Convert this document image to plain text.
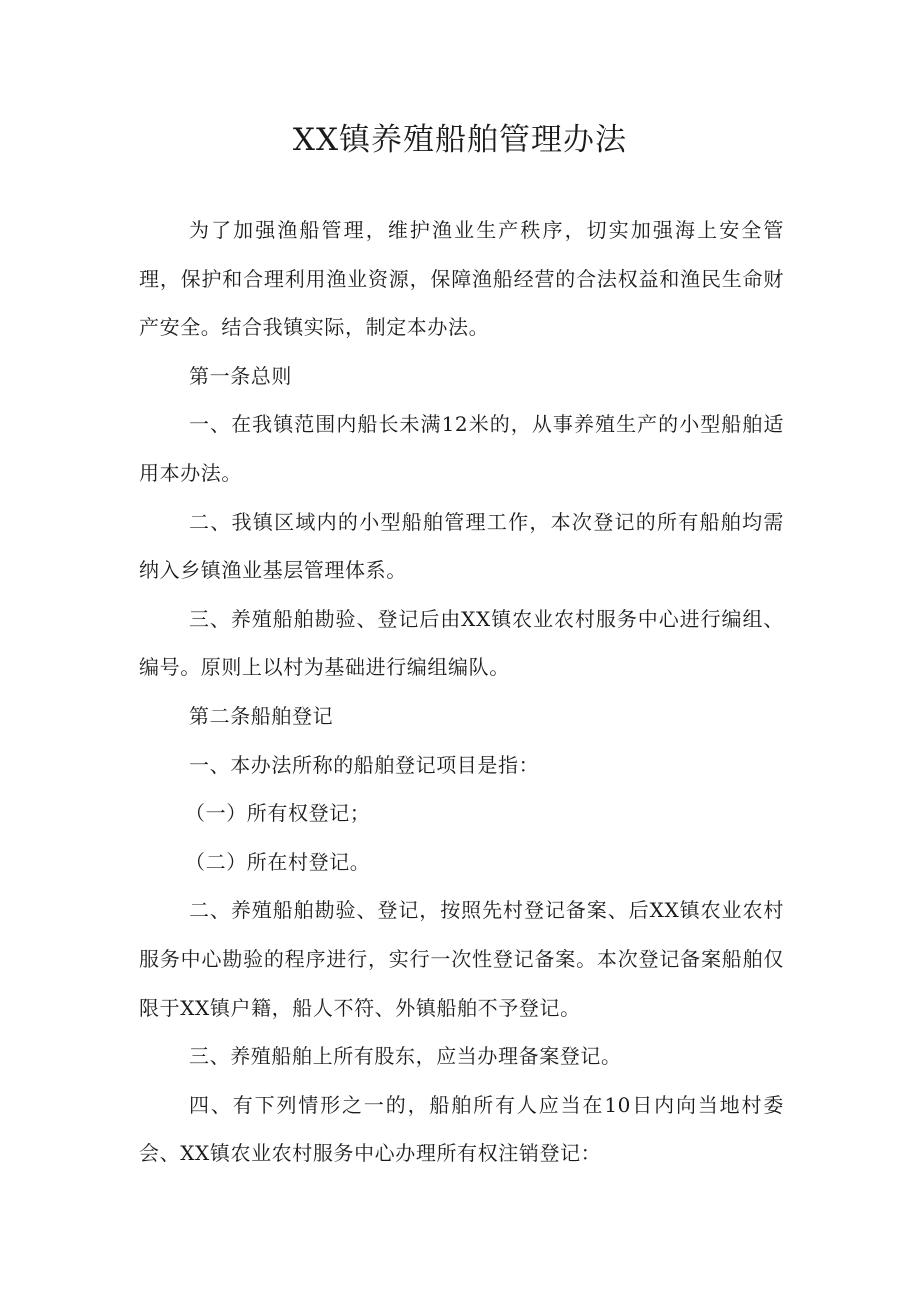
XX镇养殖船舶管理办法

为了加强渔船管理，维护渔业生产秩序，切实加强海上安全管理，保护和合理利用渔业资源，保障渔船经营的合法权益和渔民生命财产安全。结合我镇实际，制定本办法。

第一条总则

一、在我镇范围内船长未满12米的，从事养殖生产的小型船舶适用本办法。

二、我镇区域内的小型船舶管理工作，本次登记的所有船舶均需纳入乡镇渔业基层管理体系。

三、养殖船舶勘验、登记后由XX镇农业农村服务中心进行编组、编号。原则上以村为基础进行编组编队。

第二条船舶登记

一、本办法所称的船舶登记项目是指：

（一）所有权登记；

（二）所在村登记。

二、养殖船舶勘验、登记，按照先村登记备案、后XX镇农业农村服务中心勘验的程序进行，实行一次性登记备案。本次登记备案船舶仅限于XX镇户籍，船人不符、外镇船舶不予登记。

三、养殖船舶上所有股东，应当办理备案登记。

四、有下列情形之一的，船舶所有人应当在10日内向当地村委会、XX镇农业农村服务中心办理所有权注销登记：
